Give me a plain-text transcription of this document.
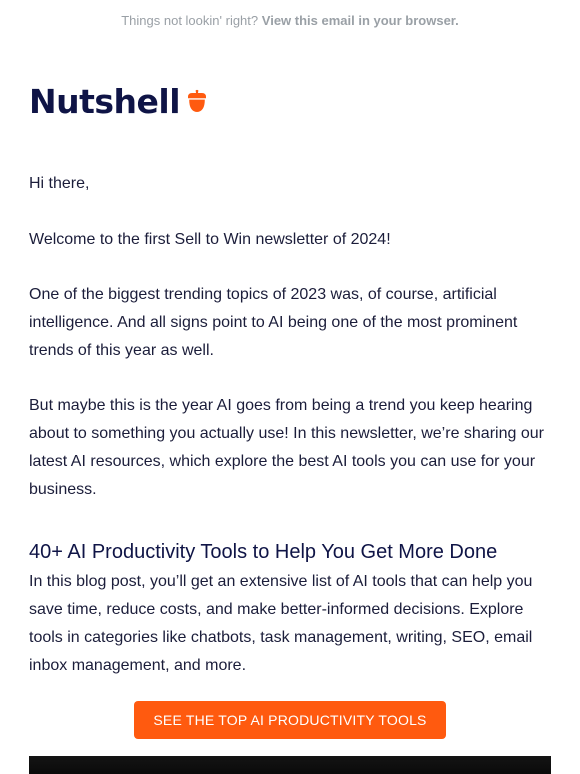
Things not lookin' right? View this email in your browser.
Nutshell

Hi there,

Welcome to the first Sell to Win newsletter of 2024!

One of the biggest trending topics of 2023 was, of course, artificial intelligence. And all signs point to AI being one of the most prominent trends of this year as well.

But maybe this is the year AI goes from being a trend you keep hearing about to something you actually use! In this newsletter, we’re sharing our latest AI resources, which explore the best AI tools you can use for your business.

40+ AI Productivity Tools to Help You Get More Done

In this blog post, you’ll get an extensive list of AI tools that can help you save time, reduce costs, and make better-informed decisions. Explore tools in categories like chatbots, task management, writing, SEO, email inbox management, and more.

SEE THE TOP AI PRODUCTIVITY TOOLS
